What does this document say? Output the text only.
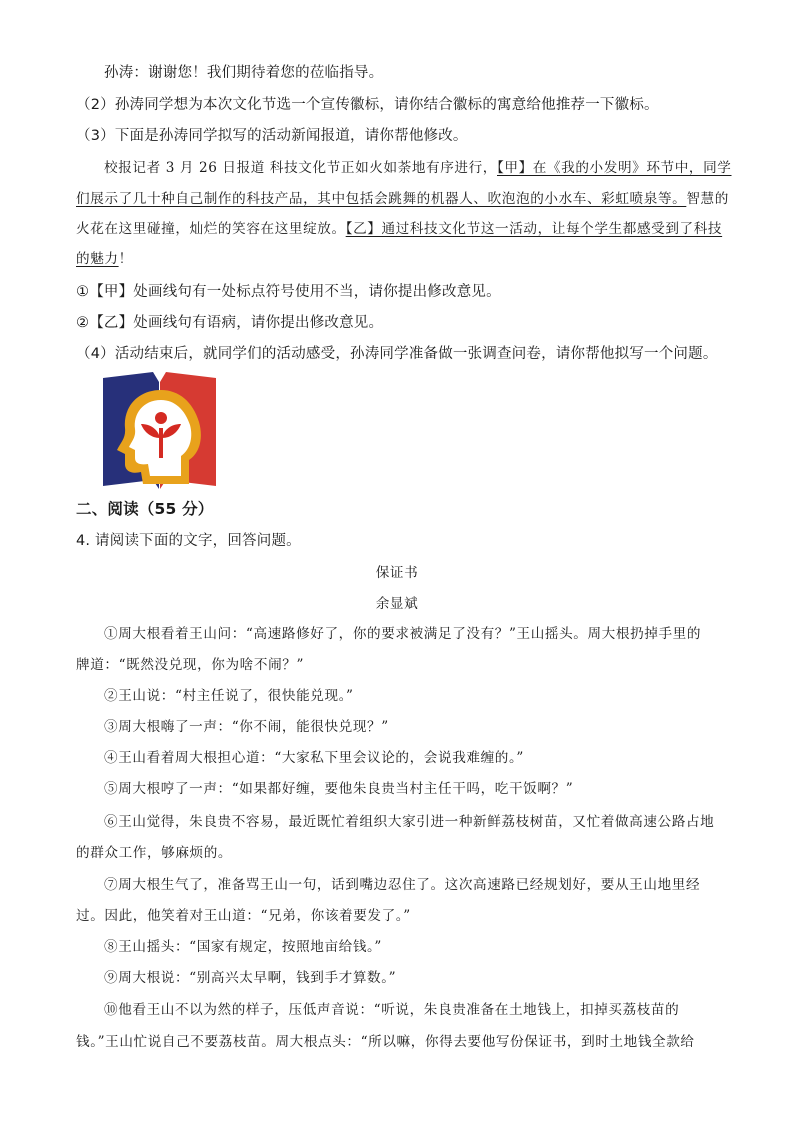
孙涛：谢谢您！我们期待着您的莅临指导。
（2）孙涛同学想为本次文化节选一个宣传徽标，请你结合徽标的寓意给他推荐一下徽标。
（3）下面是孙涛同学拟写的活动新闻报道，请你帮他修改。
校报记者 3 月 26 日报道 科技文化节正如火如荼地有序进行，【甲】在《我的小发明》环节中，同学
们展示了几十种自己制作的科技产品，其中包括会跳舞的机器人、吹泡泡的小水车、彩虹喷泉等。智慧的
火花在这里碰撞，灿烂的笑容在这里绽放。【乙】通过科技文化节这一活动，让每个学生都感受到了科技
的魅力！
①【甲】处画线句有一处标点符号使用不当，请你提出修改意见。
②【乙】处画线句有语病，请你提出修改意见。
（4）活动结束后，就同学们的活动感受，孙涛同学准备做一张调查问卷，请你帮他拟写一个问题。
二、阅读（55 分）
4. 请阅读下面的文字，回答问题。
保证书
余显斌
①周大根看着王山问：“高速路修好了，你的要求被满足了没有？”王山摇头。周大根扔掉手里的
牌道：“既然没兑现，你为啥不闹？”
②王山说：“村主任说了，很快能兑现。”
③周大根嗨了一声：“你不闹，能很快兑现？”
④王山看着周大根担心道：“大家私下里会议论的，会说我难缠的。”
⑤周大根哼了一声：“如果都好缠，要他朱良贵当村主任干吗，吃干饭啊？”
⑥王山觉得，朱良贵不容易，最近既忙着组织大家引进一种新鲜荔枝树苗，又忙着做高速公路占地
的群众工作，够麻烦的。
⑦周大根生气了，准备骂王山一句，话到嘴边忍住了。这次高速路已经规划好，要从王山地里经
过。因此，他笑着对王山道：“兄弟，你该着要发了。”
⑧王山摇头：“国家有规定，按照地亩给钱。”
⑨周大根说：“别高兴太早啊，钱到手才算数。”
⑩他看王山不以为然的样子，压低声音说：“听说，朱良贵准备在土地钱上，扣掉买荔枝苗的
钱。”王山忙说自己不要荔枝苗。周大根点头：“所以嘛，你得去要他写份保证书，到时土地钱全款给
